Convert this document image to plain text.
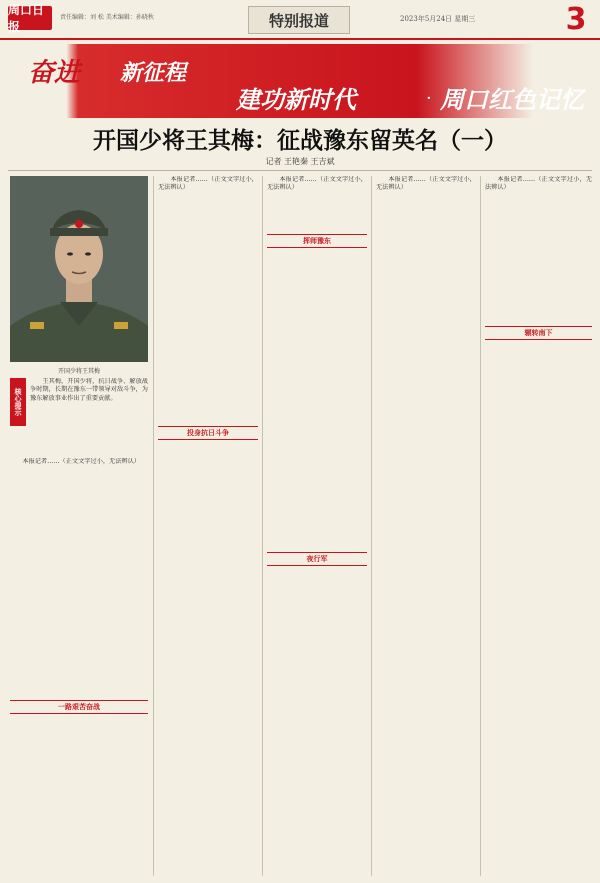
周口日报
责任编辑：刘 松 美术编辑：孙晓秋	特别报道	2023年5月24日 星期三	3
奋进 新征程
建功新时代	· 周口红色记忆
开国少将王其梅：征战豫东留英名（一）
记者 王艳秦 王吉斌
开国少将王其梅
核心提示

王其梅，开国少将，抗日战争、解放战争时期，长期在豫东一带领导对敌斗争，为豫东解放事业作出了重要贡献。

本报记者……（正文文字过小，无法辨认）

一路艰苦奋战

本报记者……（正文文字过小，无法辨认）

投身抗日斗争

本报记者……（正文文字过小，无法辨认）

挥师豫东
夜行军

本报记者……（正文文字过小，无法辨认）

本报记者……（正文文字过小，无法辨认）

辗转南下
